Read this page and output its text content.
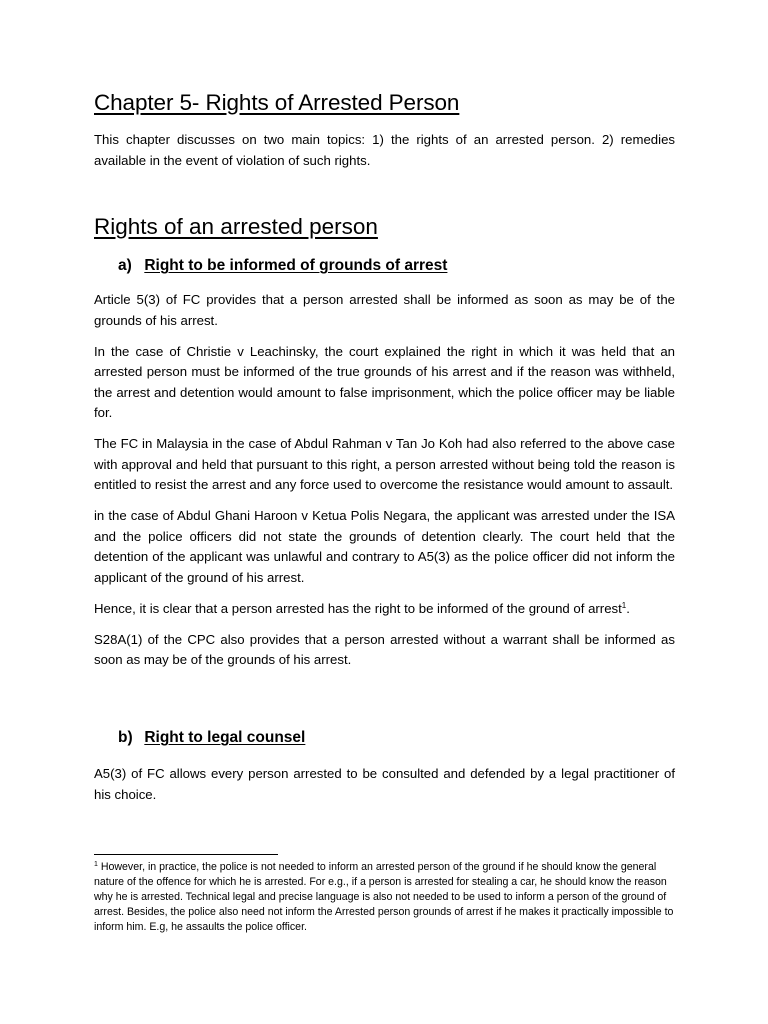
Chapter 5- Rights of Arrested Person

This chapter discusses on two main topics: 1) the rights of an arrested person. 2) remedies available in the event of violation of such rights.

Rights of an arrested person
a) Right to be informed of grounds of arrest

Article 5(3) of FC provides that a person arrested shall be informed as soon as may be of the grounds of his arrest.

In the case of Christie v Leachinsky, the court explained the right in which it was held that an arrested person must be informed of the true grounds of his arrest and if the reason was withheld, the arrest and detention would amount to false imprisonment, which the police officer may be liable for.

The FC in Malaysia in the case of Abdul Rahman v Tan Jo Koh had also referred to the above case with approval and held that pursuant to this right, a person arrested without being told the reason is entitled to resist the arrest and any force used to overcome the resistance would amount to assault.

in the case of Abdul Ghani Haroon v Ketua Polis Negara, the applicant was arrested under the ISA and the police officers did not state the grounds of detention clearly. The court held that the detention of the applicant was unlawful and contrary to A5(3) as the police officer did not inform the applicant of the ground of his arrest.

Hence, it is clear that a person arrested has the right to be informed of the ground of arrest$^1$.

S28A(1) of the CPC also provides that a person arrested without a warrant shall be informed as soon as may be of the grounds of his arrest.

b) Right to legal counsel

A5(3) of FC allows every person arrested to be consulted and defended by a legal practitioner of his choice.

$^1$ However, in practice, the police is not needed to inform an arrested person of the ground if he should know the general nature of the offence for which he is arrested. For e.g., if a person is arrested for stealing a car, he should know the reason why he is arrested. Technical legal and precise language is also not needed to be used to inform a person of the ground of arrest. Besides, the police also need not inform the Arrested person grounds of arrest if he makes it practically impossible to inform him. E.g, he assaults the police officer.
